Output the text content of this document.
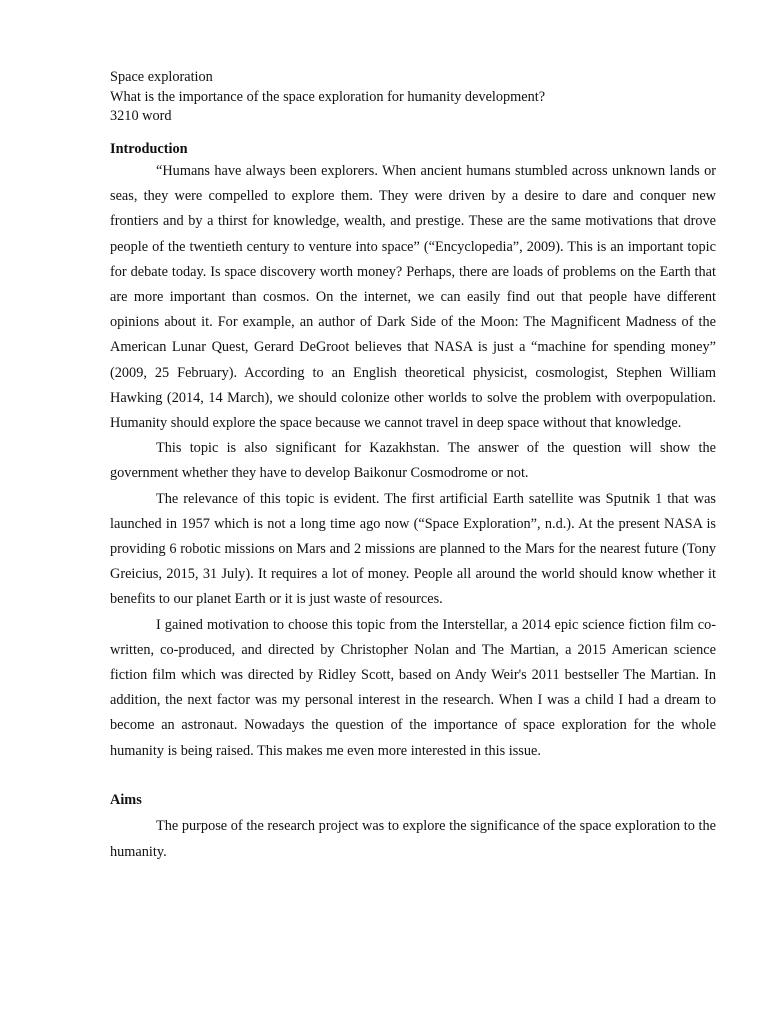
Space exploration

What is the importance of the space exploration for humanity development?

3210 word

Introduction

“Humans have always been explorers. When ancient humans stumbled across unknown lands or seas, they were compelled to explore them. They were driven by a desire to dare and conquer new frontiers and by a thirst for knowledge, wealth, and prestige. These are the same motivations that drove people of the twentieth century to venture into space” (“Encyclopedia”, 2009). This is an important topic for debate today. Is space discovery worth money? Perhaps, there are loads of problems on the Earth that are more important than cosmos. On the internet, we can easily find out that people have different opinions about it. For example, an author of Dark Side of the Moon: The Magnificent Madness of the American Lunar Quest, Gerard DeGroot believes that NASA is just a “machine for spending money” (2009, 25 February). According to an English theoretical physicist, cosmologist, Stephen William Hawking (2014, 14 March), we should colonize other worlds to solve the problem with overpopulation. Humanity should explore the space because we cannot travel in deep space without that knowledge.

This topic is also significant for Kazakhstan. The answer of the question will show the government whether they have to develop Baikonur Cosmodrome or not.

The relevance of this topic is evident. The first artificial Earth satellite was Sputnik 1 that was launched in 1957 which is not a long time ago now (“Space Exploration”, n.d.). At the present NASA is providing 6 robotic missions on Mars and 2 missions are planned to the Mars for the nearest future (Tony Greicius, 2015, 31 July). It requires a lot of money. People all around the world should know whether it benefits to our planet Earth or it is just waste of resources.

I gained motivation to choose this topic from the Interstellar, a 2014 epic science fiction film co-written, co-produced, and directed by Christopher Nolan and The Martian, a 2015 American science fiction film which was directed by Ridley Scott, based on Andy Weir's 2011 bestseller The Martian. In addition, the next factor was my personal interest in the research. When I was a child I had a dream to become an astronaut. Nowadays the question of the importance of space exploration for the whole humanity is being raised. This makes me even more interested in this issue.

Aims

The purpose of the research project was to explore the significance of the space exploration to the humanity.
